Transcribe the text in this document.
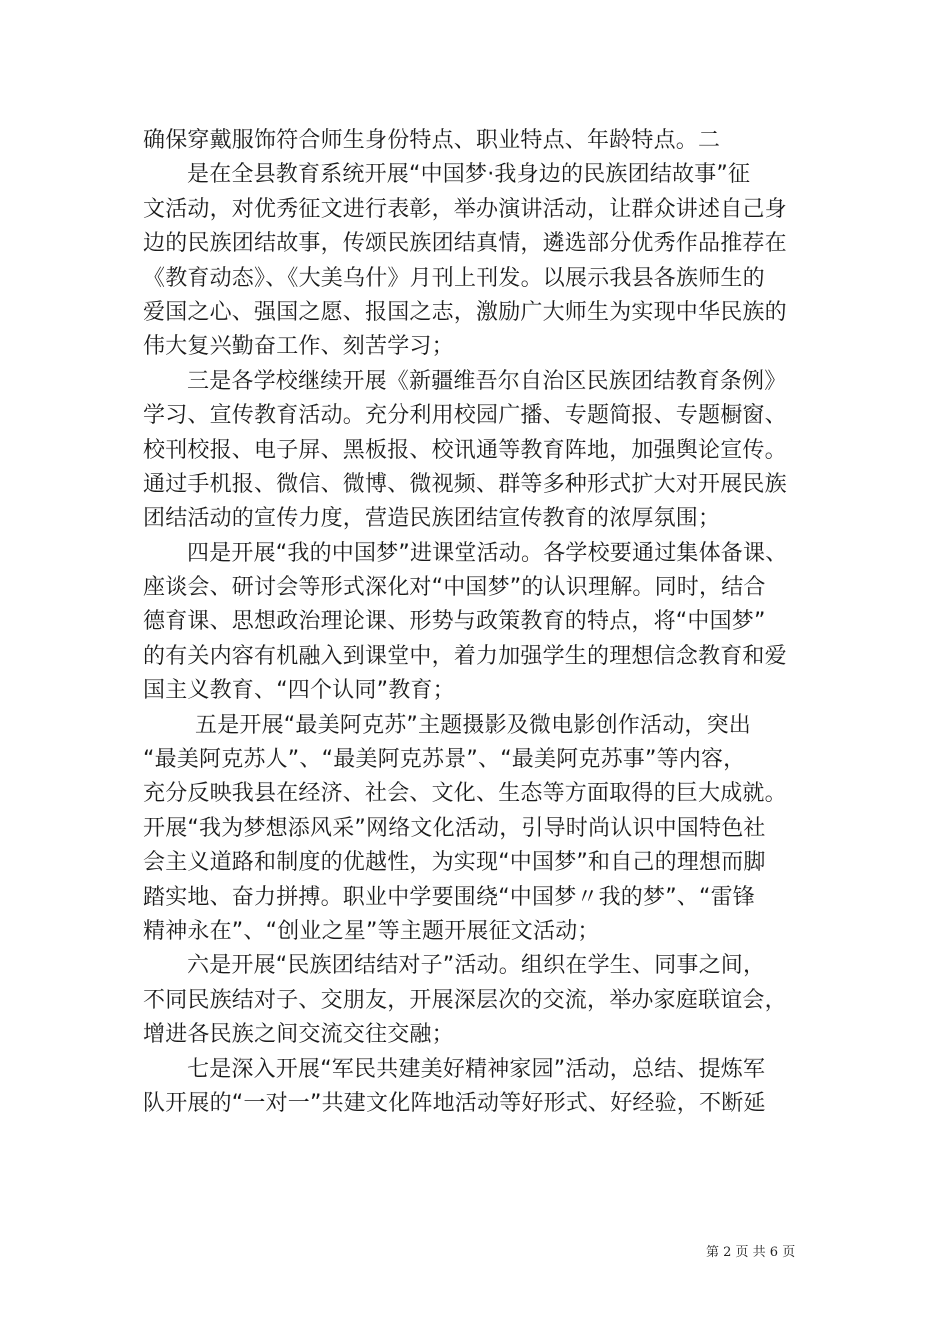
确保穿戴服饰符合师生身份特点、职业特点、年龄特点。二
是在全县教育系统开展“中国梦·我身边的民族团结故事”征
文活动，对优秀征文进行表彰，举办演讲活动，让群众讲述自己身
边的民族团结故事，传颂民族团结真情，遴选部分优秀作品推荐在
《教育动态》、《大美乌什》月刊上刊发。以展示我县各族师生的
爱国之心、强国之愿、报国之志，激励广大师生为实现中华民族的
伟大复兴勤奋工作、刻苦学习；
三是各学校继续开展《新疆维吾尔自治区民族团结教育条例》
学习、宣传教育活动。充分利用校园广播、专题简报、专题橱窗、
校刊校报、电子屏、黑板报、校讯通等教育阵地，加强舆论宣传。
通过手机报、微信、微博、微视频、群等多种形式扩大对开展民族
团结活动的宣传力度，营造民族团结宣传教育的浓厚氛围；
四是开展“我的中国梦”进课堂活动。各学校要通过集体备课、
座谈会、研讨会等形式深化对“中国梦”的认识理解。同时，结合
德育课、思想政治理论课、形势与政策教育的特点，将“中国梦”
的有关内容有机融入到课堂中，着力加强学生的理想信念教育和爱
国主义教育、“四个认同”教育；
五是开展“最美阿克苏”主题摄影及微电影创作活动，突出
“最美阿克苏人”、“最美阿克苏景”、“最美阿克苏事”等内容，
充分反映我县在经济、社会、文化、生态等方面取得的巨大成就。
开展“我为梦想添风采”网络文化活动，引导时尚认识中国特色社
会主义道路和制度的优越性，为实现“中国梦”和自己的理想而脚
踏实地、奋力拼搏。职业中学要围绕“中国梦〃我的梦”、“雷锋
精神永在”、“创业之星”等主题开展征文活动；
六是开展“民族团结结对子”活动。组织在学生、同事之间，
不同民族结对子、交朋友，开展深层次的交流，举办家庭联谊会，
增进各民族之间交流交往交融；
七是深入开展“军民共建美好精神家园”活动，总结、提炼军
队开展的“一对一”共建文化阵地活动等好形式、好经验，不断延
第 2 页 共 6 页
